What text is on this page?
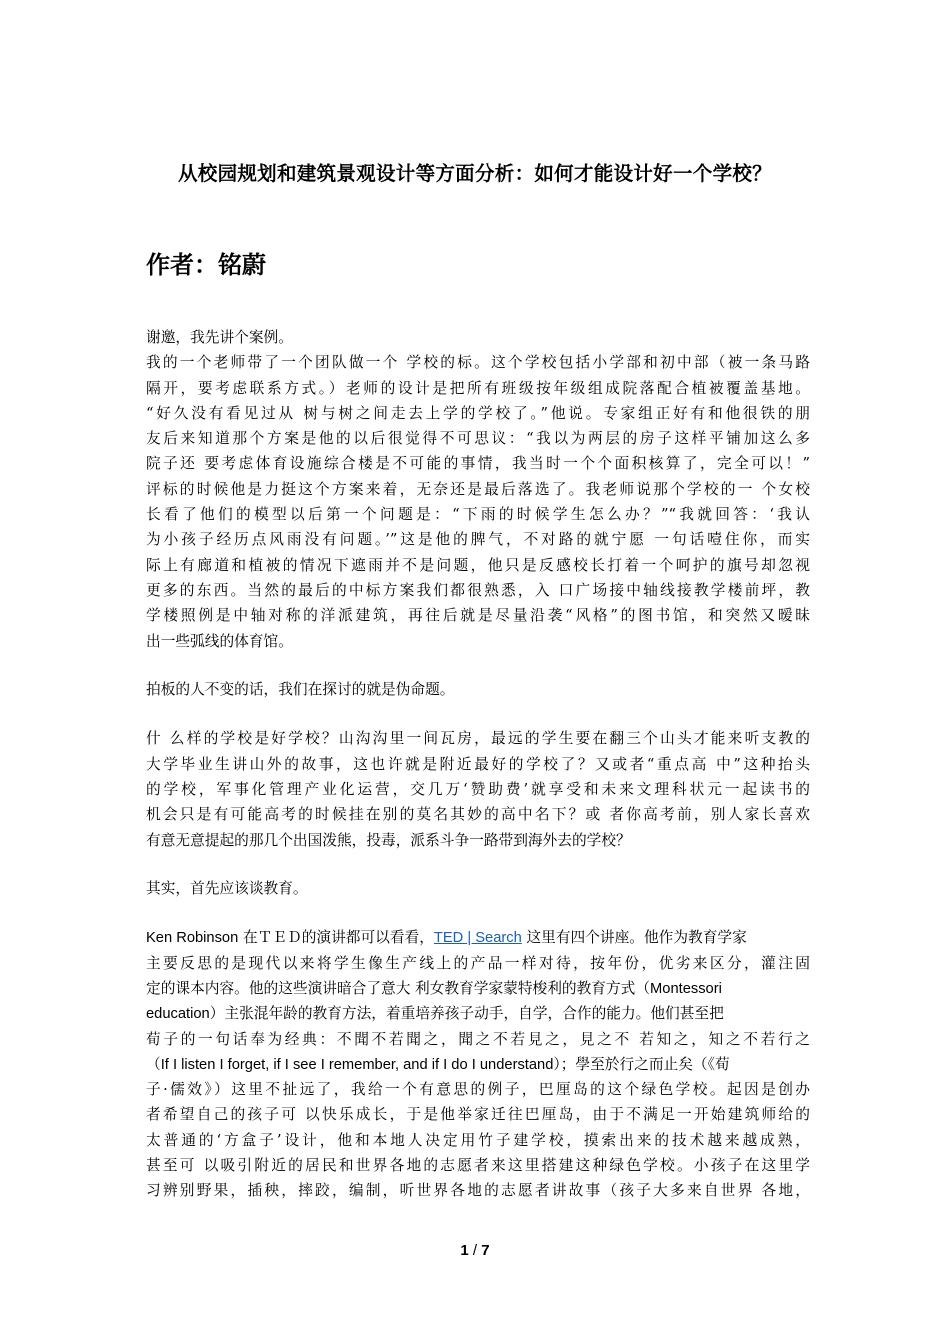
从校园规划和建筑景观设计等方面分析：如何才能设计好一个学校？
作者：铭蔚
谢邀，我先讲个案例。
我的一个老师带了一个团队做一个 学校的标。这个学校包括小学部和初中部（被一条马路
隔开，要考虑联系方式。）老师的设计是把所有班级按年级组成院落配合植被覆盖基地。
“好久没有看见过从 树与树之间走去上学的学校了。”他说。专家组正好有和他很铁的朋
友后来知道那个方案是他的以后很觉得不可思议：“我以为两层的房子这样平铺加这么多
院子还 要考虑体育设施综合楼是不可能的事情，我当时一个个面积核算了，完全可以！”
评标的时候他是力挺这个方案来着，无奈还是最后落选了。我老师说那个学校的一 个女校
长看了他们的模型以后第一个问题是：“下雨的时候学生怎么办？”“我就回答：‘我认
为小孩子经历点风雨没有问题。’”这是他的脾气，不对路的就宁愿 一句话噎住你，而实
际上有廊道和植被的情况下遮雨并不是问题，他只是反感校长打着一个呵护的旗号却忽视
更多的东西。当然的最后的中标方案我们都很熟悉，入 口广场接中轴线接教学楼前坪，教
学楼照例是中轴对称的洋派建筑，再往后就是尽量沿袭“风格”的图书馆，和突然又暧昧
出一些弧线的体育馆。
拍板的人不变的话，我们在探讨的就是伪命题。
什 么样的学校是好学校？山沟沟里一间瓦房，最远的学生要在翻三个山头才能来听支教的
大学毕业生讲山外的故事，这也许就是附近最好的学校了？又或者“重点高 中”这种抬头
的学校，军事化管理产业化运营，交几万‘赞助费’就享受和未来文理科状元一起读书的
机会只是有可能高考的时候挂在别的莫名其妙的高中名下？或 者你高考前，别人家长喜欢
有意无意提起的那几个出国泼熊，投毒，派系斗争一路带到海外去的学校？
其实，首先应该谈教育。
Ken Robinson 在ＴＥＤ的演讲都可以看看，TED | Search 这里有四个讲座。他作为教育学家
主要反思的是现代以来将学生像生产线上的产品一样对待，按年份，优劣来区分，灌注固
定的课本内容。他的这些演讲暗合了意大 利女教育学家蒙特梭利的教育方式（Montessori
education）主张混年龄的教育方法，着重培养孩子动手，自学，合作的能力。他们甚至把
荀子的一句话奉为经典：不聞不若聞之，聞之不若見之，見之不 若知之，知之不若行之
（If I listen I forget, if I see I remember, and if I do I understand）；學至於行之而止矣（《荀
子·儒效》）这里不扯远了，我给一个有意思的例子，巴厘岛的这个绿色学校。起因是创办
者希望自己的孩子可 以快乐成长，于是他举家迁往巴厘岛，由于不满足一开始建筑师给的
太普通的‘方盒子’设计，他和本地人决定用竹子建学校，摸索出来的技术越来越成熟，
甚至可 以吸引附近的居民和世界各地的志愿者来这里搭建这种绿色学校。小孩子在这里学
习辨别野果，插秧，摔跤，编制，听世界各地的志愿者讲故事（孩子大多来自世界 各地，
1 / 7
